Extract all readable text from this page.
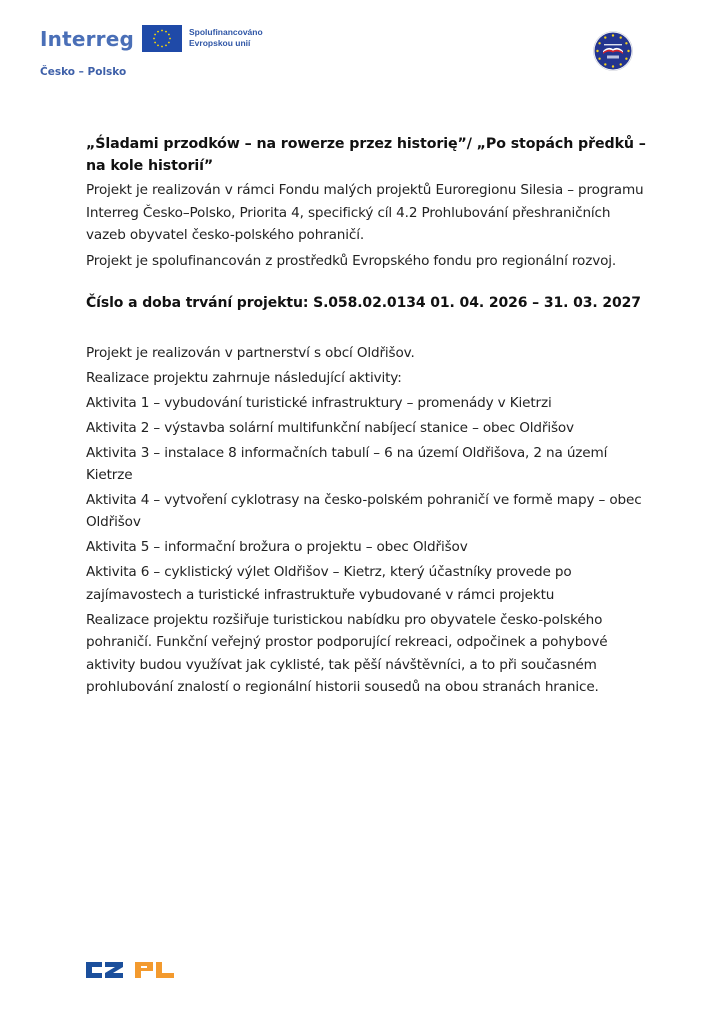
Interreg	Spolufinancováno
Evropskou unií
Česko – Polsko
„Śladami przodków – na rowerze przez historię”/ „Po stopách předků – na kole historií”

Projekt je realizován v rámci Fondu malých projektů Euroregionu Silesia – programu Interreg Česko–Polsko, Priorita 4, specifický cíl 4.2 Prohlubování přeshraničních vazeb obyvatel česko-polského pohraničí.

Projekt je spolufinancován z prostředků Evropského fondu pro regionální rozvoj.

Číslo a doba trvání projektu: S.058.02.0134 01. 04. 2026 – 31. 03. 2027

Projekt je realizován v partnerství s obcí Oldřišov.

Realizace projektu zahrnuje následující aktivity:

Aktivita 1 – vybudování turistické infrastruktury – promenády v Kietrzi

Aktivita 2 – výstavba solární multifunkční nabíjecí stanice – obec Oldřišov

Aktivita 3 – instalace 8 informačních tabulí – 6 na území Oldřišova, 2 na území Kietrze

Aktivita 4 – vytvoření cyklotrasy na česko-polském pohraničí ve formě mapy – obec Oldřišov

Aktivita 5 – informační brožura o projektu – obec Oldřišov

Aktivita 6 – cyklistický výlet Oldřišov – Kietrz, který účastníky provede po zajímavostech a turistické infrastruktuře vybudované v rámci projektu

Realizace projektu rozšiřuje turistickou nabídku pro obyvatele česko-polského pohraničí. Funkční veřejný prostor podporující rekreaci, odpočinek a pohybové aktivity budou využívat jak cyklisté, tak pěší návštěvníci, a to při současném prohlubování znalostí o regionální historii sousedů na obou stranách hranice.
